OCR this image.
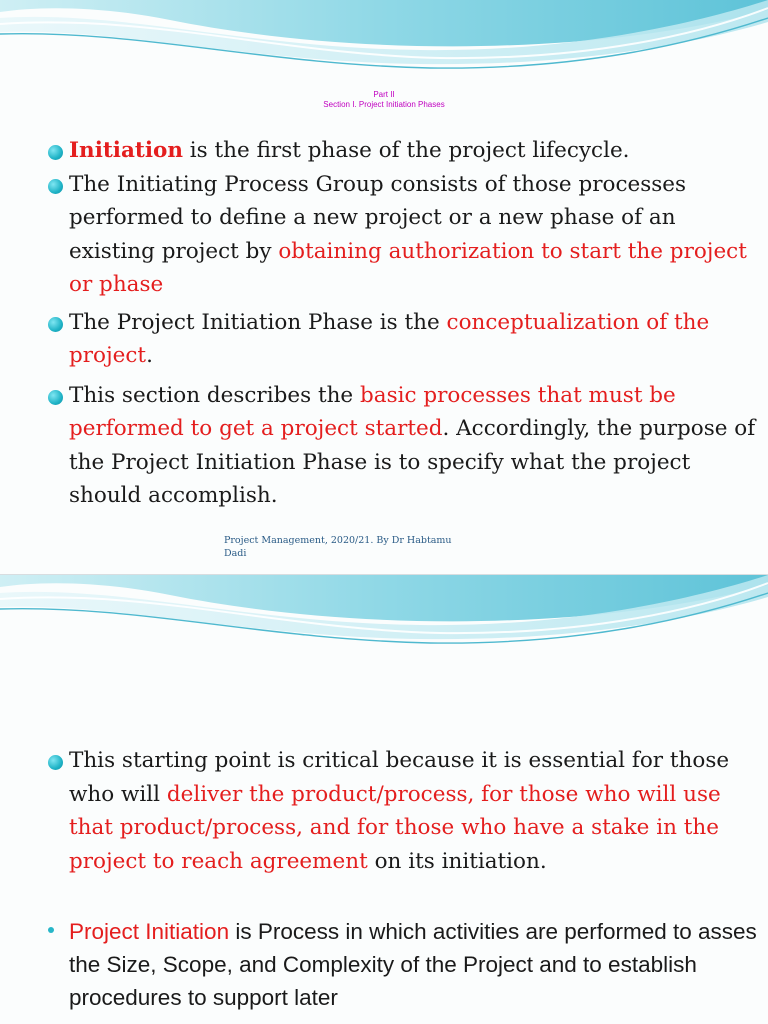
Part II
Section I. Project Initiation Phases
Initiation is the first phase of the project lifecycle.
The Initiating Process Group consists of those processes performed to define a new project or a new phase of an existing project by obtaining authorization to start the project or phase
The Project Initiation Phase is the conceptualization of the project.
This section describes the basic processes that must be performed to get a project started. Accordingly, the purpose of the Project Initiation Phase is to specify what the project should accomplish.
Project Management, 2020/21. By Dr Habtamu
Dadi
This starting point is critical because it is essential for those who will deliver the product/process, for those who will use that product/process, and for those who have a stake in the project to reach agreement on its initiation.
Project Initiation is Process in which activities are performed to asses the Size, Scope, and Complexity of the Project and to establish procedures to support later
